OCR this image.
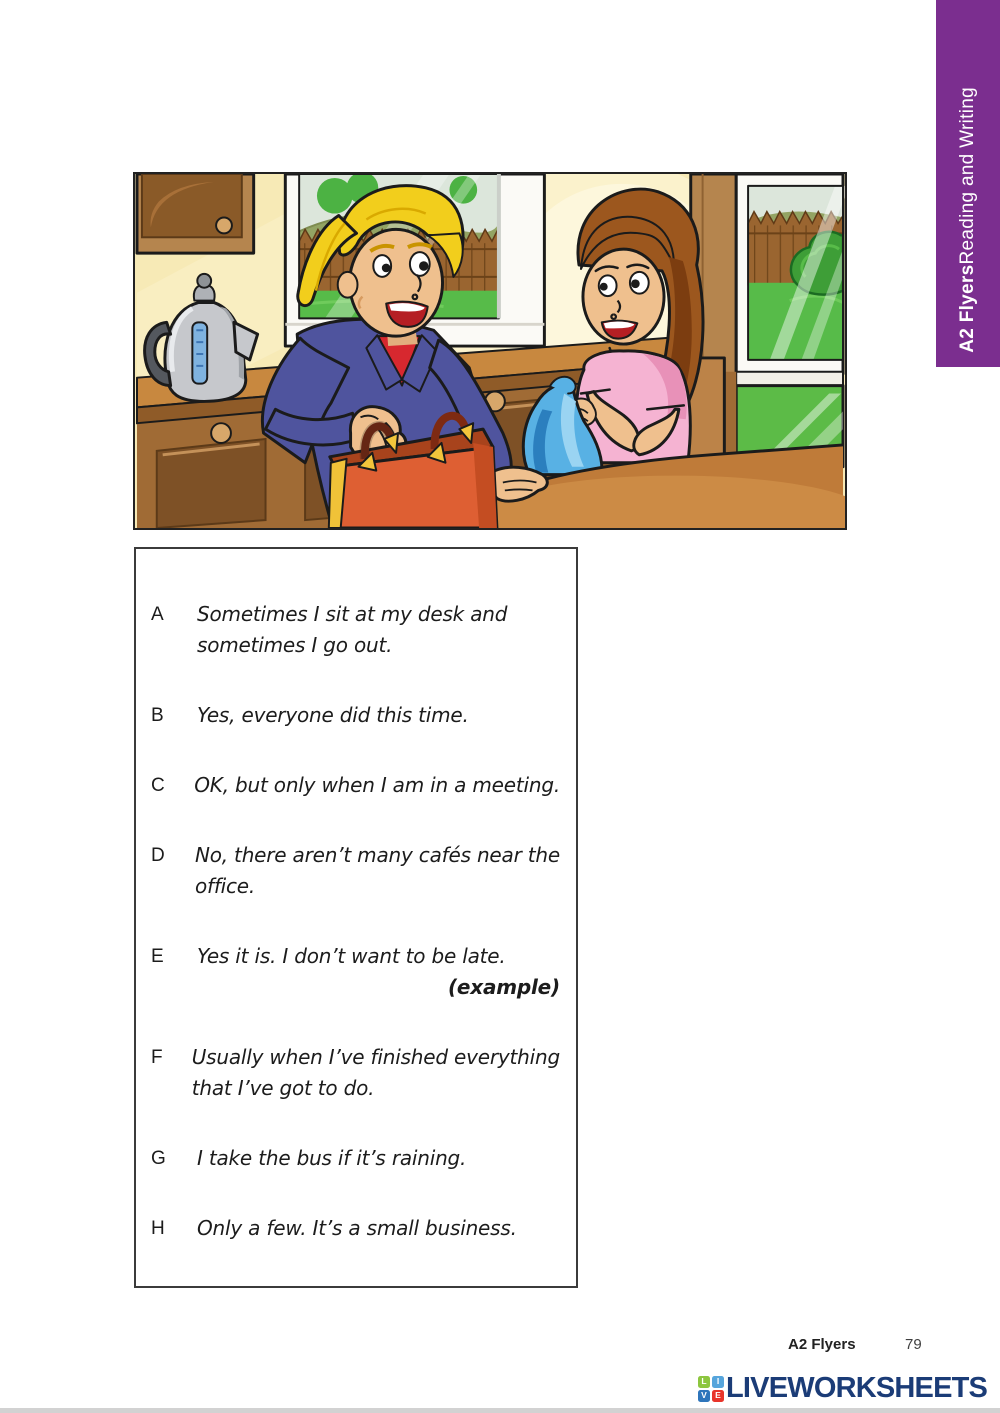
A2 FlyersReading and Writing
A	Sometimes I sit at my desk and
sometimes I go out.
B	Yes, everyone did this time.
C	OK, but only when I am in a meeting.
D	No, there aren’t many cafés near the
office.
E	Yes it is. I don’t want to be late.
(example)
F	Usually when I’ve finished everything
that I’ve got to do.
G	I take the bus if it’s raining.
H	Only a few. It’s a small business.
A2 Flyers	79
L	I
V E LIVEWORKSHEETS
